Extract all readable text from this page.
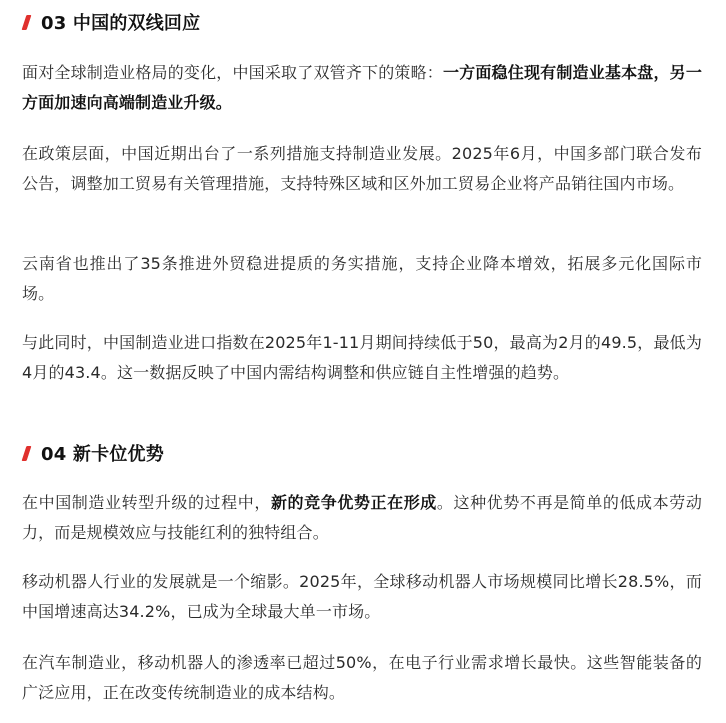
03 中国的双线回应

面对全球制造业格局的变化，中国采取了双管齐下的策略：一方面稳住现有制造业基本盘，另一方面加速向高端制造业升级。

在政策层面，中国近期出台了一系列措施支持制造业发展。2025年6月，中国多部门联合发布公告，调整加工贸易有关管理措施，支持特殊区域和区外加工贸易企业将产品销往国内市场。

云南省也推出了35条推进外贸稳进提质的务实措施，支持企业降本增效，拓展多元化国际市场。

与此同时，中国制造业进口指数在2025年1-11月期间持续低于50，最高为2月的49.5，最低为4月的43.4。这一数据反映了中国内需结构调整和供应链自主性增强的趋势。

04 新卡位优势

在中国制造业转型升级的过程中，新的竞争优势正在形成。这种优势不再是简单的低成本劳动力，而是规模效应与技能红利的独特组合。

移动机器人行业的发展就是一个缩影。2025年，全球移动机器人市场规模同比增长28.5%，而中国增速高达34.2%，已成为全球最大单一市场。

在汽车制造业，移动机器人的渗透率已超过50%，在电子行业需求增长最快。这些智能装备的广泛应用，正在改变传统制造业的成本结构。
